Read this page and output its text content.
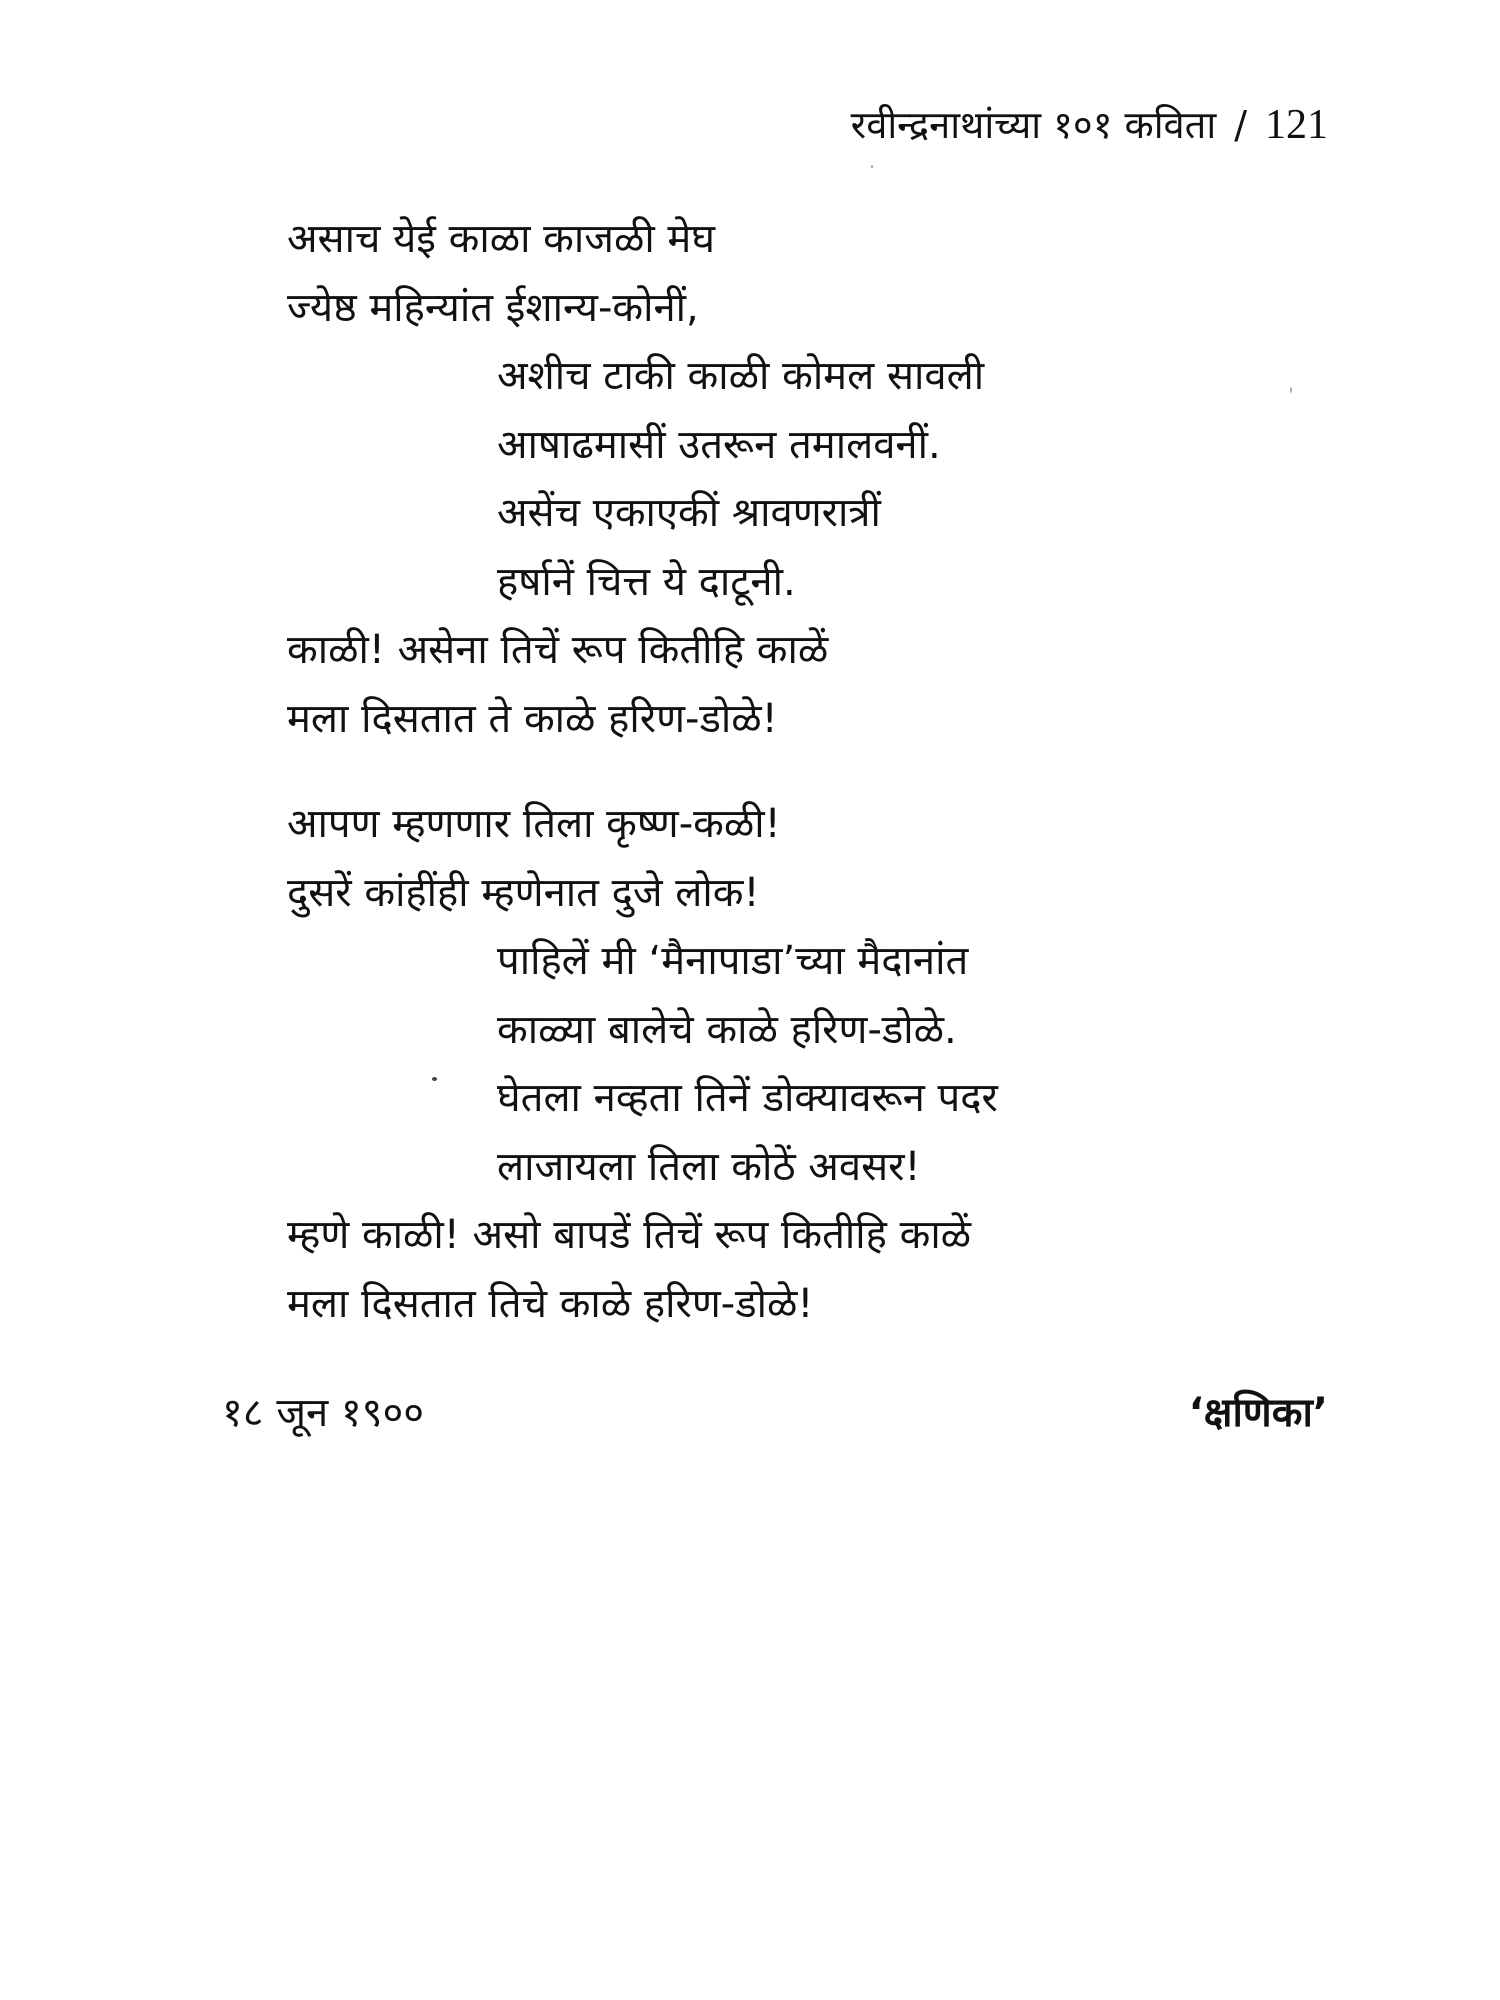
रवीन्द्रनाथांच्या १०१ कविता / 121
असाच येई काळा काजळी मेघ
ज्येष्ठ महिन्यांत ईशान्य-कोनीं,
अशीच टाकी काळी कोमल सावली
आषाढमासीं उतरून तमालवनीं.
असेंच एकाएकीं श्रावणरात्रीं
हर्षानें चित्त ये दाटूनी.
काळी! असेना तिचें रूप कितीहि काळें
मला दिसतात ते काळे हरिण-डोळे!
आपण म्हणणार तिला कृष्ण-कळी!
दुसरें कांहींही म्हणेनात दुजे लोक!
पाहिलें मी ‘मैनापाडा’च्या मैदानांत
काळ्या बालेचे काळे हरिण-डोळे.
घेतला नव्हता तिनें डोक्यावरून पदर
लाजायला तिला कोठें अवसर!
म्हणे काळी! असो बापडें तिचें रूप कितीहि काळें
मला दिसतात तिचे काळे हरिण-डोळे!
१८ जून १९००	‘क्षणिका’
